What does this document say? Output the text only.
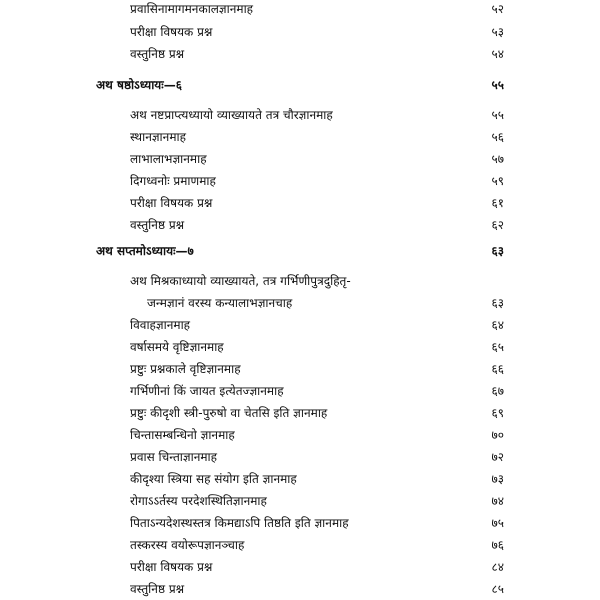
प्रवासिनामागमनकालज्ञानमाह	५२
परीक्षा विषयक प्रश्न	५३
वस्तुनिष्ठ प्रश्न	५४
अथ षष्ठोऽध्यायः—६	५५
अथ नष्टप्राप्त्यध्यायो व्याख्यायते तत्र चौरज्ञानमाह	५५
स्थानज्ञानमाह	५६
लाभालाभज्ञानमाह	५७
दिगध्वनोः प्रमाणमाह	५९
परीक्षा विषयक प्रश्न	६१
वस्तुनिष्ठ प्रश्न	६२
अथ सप्तमोऽध्यायः—७	६३
अथ मिश्रकाध्यायो व्याख्यायते, तत्र गर्भिणीपुत्रदुहितृ-
जन्मज्ञानं वरस्य कन्यालाभज्ञानचाह	६३
विवाहज्ञानमाह	६४
वर्षासमये वृष्टिज्ञानमाह	६५
प्रष्टुः प्रश्नकाले वृष्टिज्ञानमाह	६६
गर्भिणीनां किं जायत इत्येतज्ज्ञानमाह	६७
प्रष्टुः कीदृशी स्त्री-पुरुषो वा चेतसि इति ज्ञानमाह	६९
चिन्तासम्बन्धिनो ज्ञानमाह	७०
प्रवास चिन्ताज्ञानमाह	७२
कीदृश्या स्त्रिया सह संयोग इति ज्ञानमाह	७३
रोगाऽऽर्तस्य परदेशस्थितिज्ञानमाह	७४
पिताऽन्यदेशस्थस्तत्र किमद्याऽपि तिष्ठति इति ज्ञानमाह	७५
तस्करस्य वयोरूपज्ञानञ्चाह	७६
परीक्षा विषयक प्रश्न	८४
वस्तुनिष्ठ प्रश्न	८५
